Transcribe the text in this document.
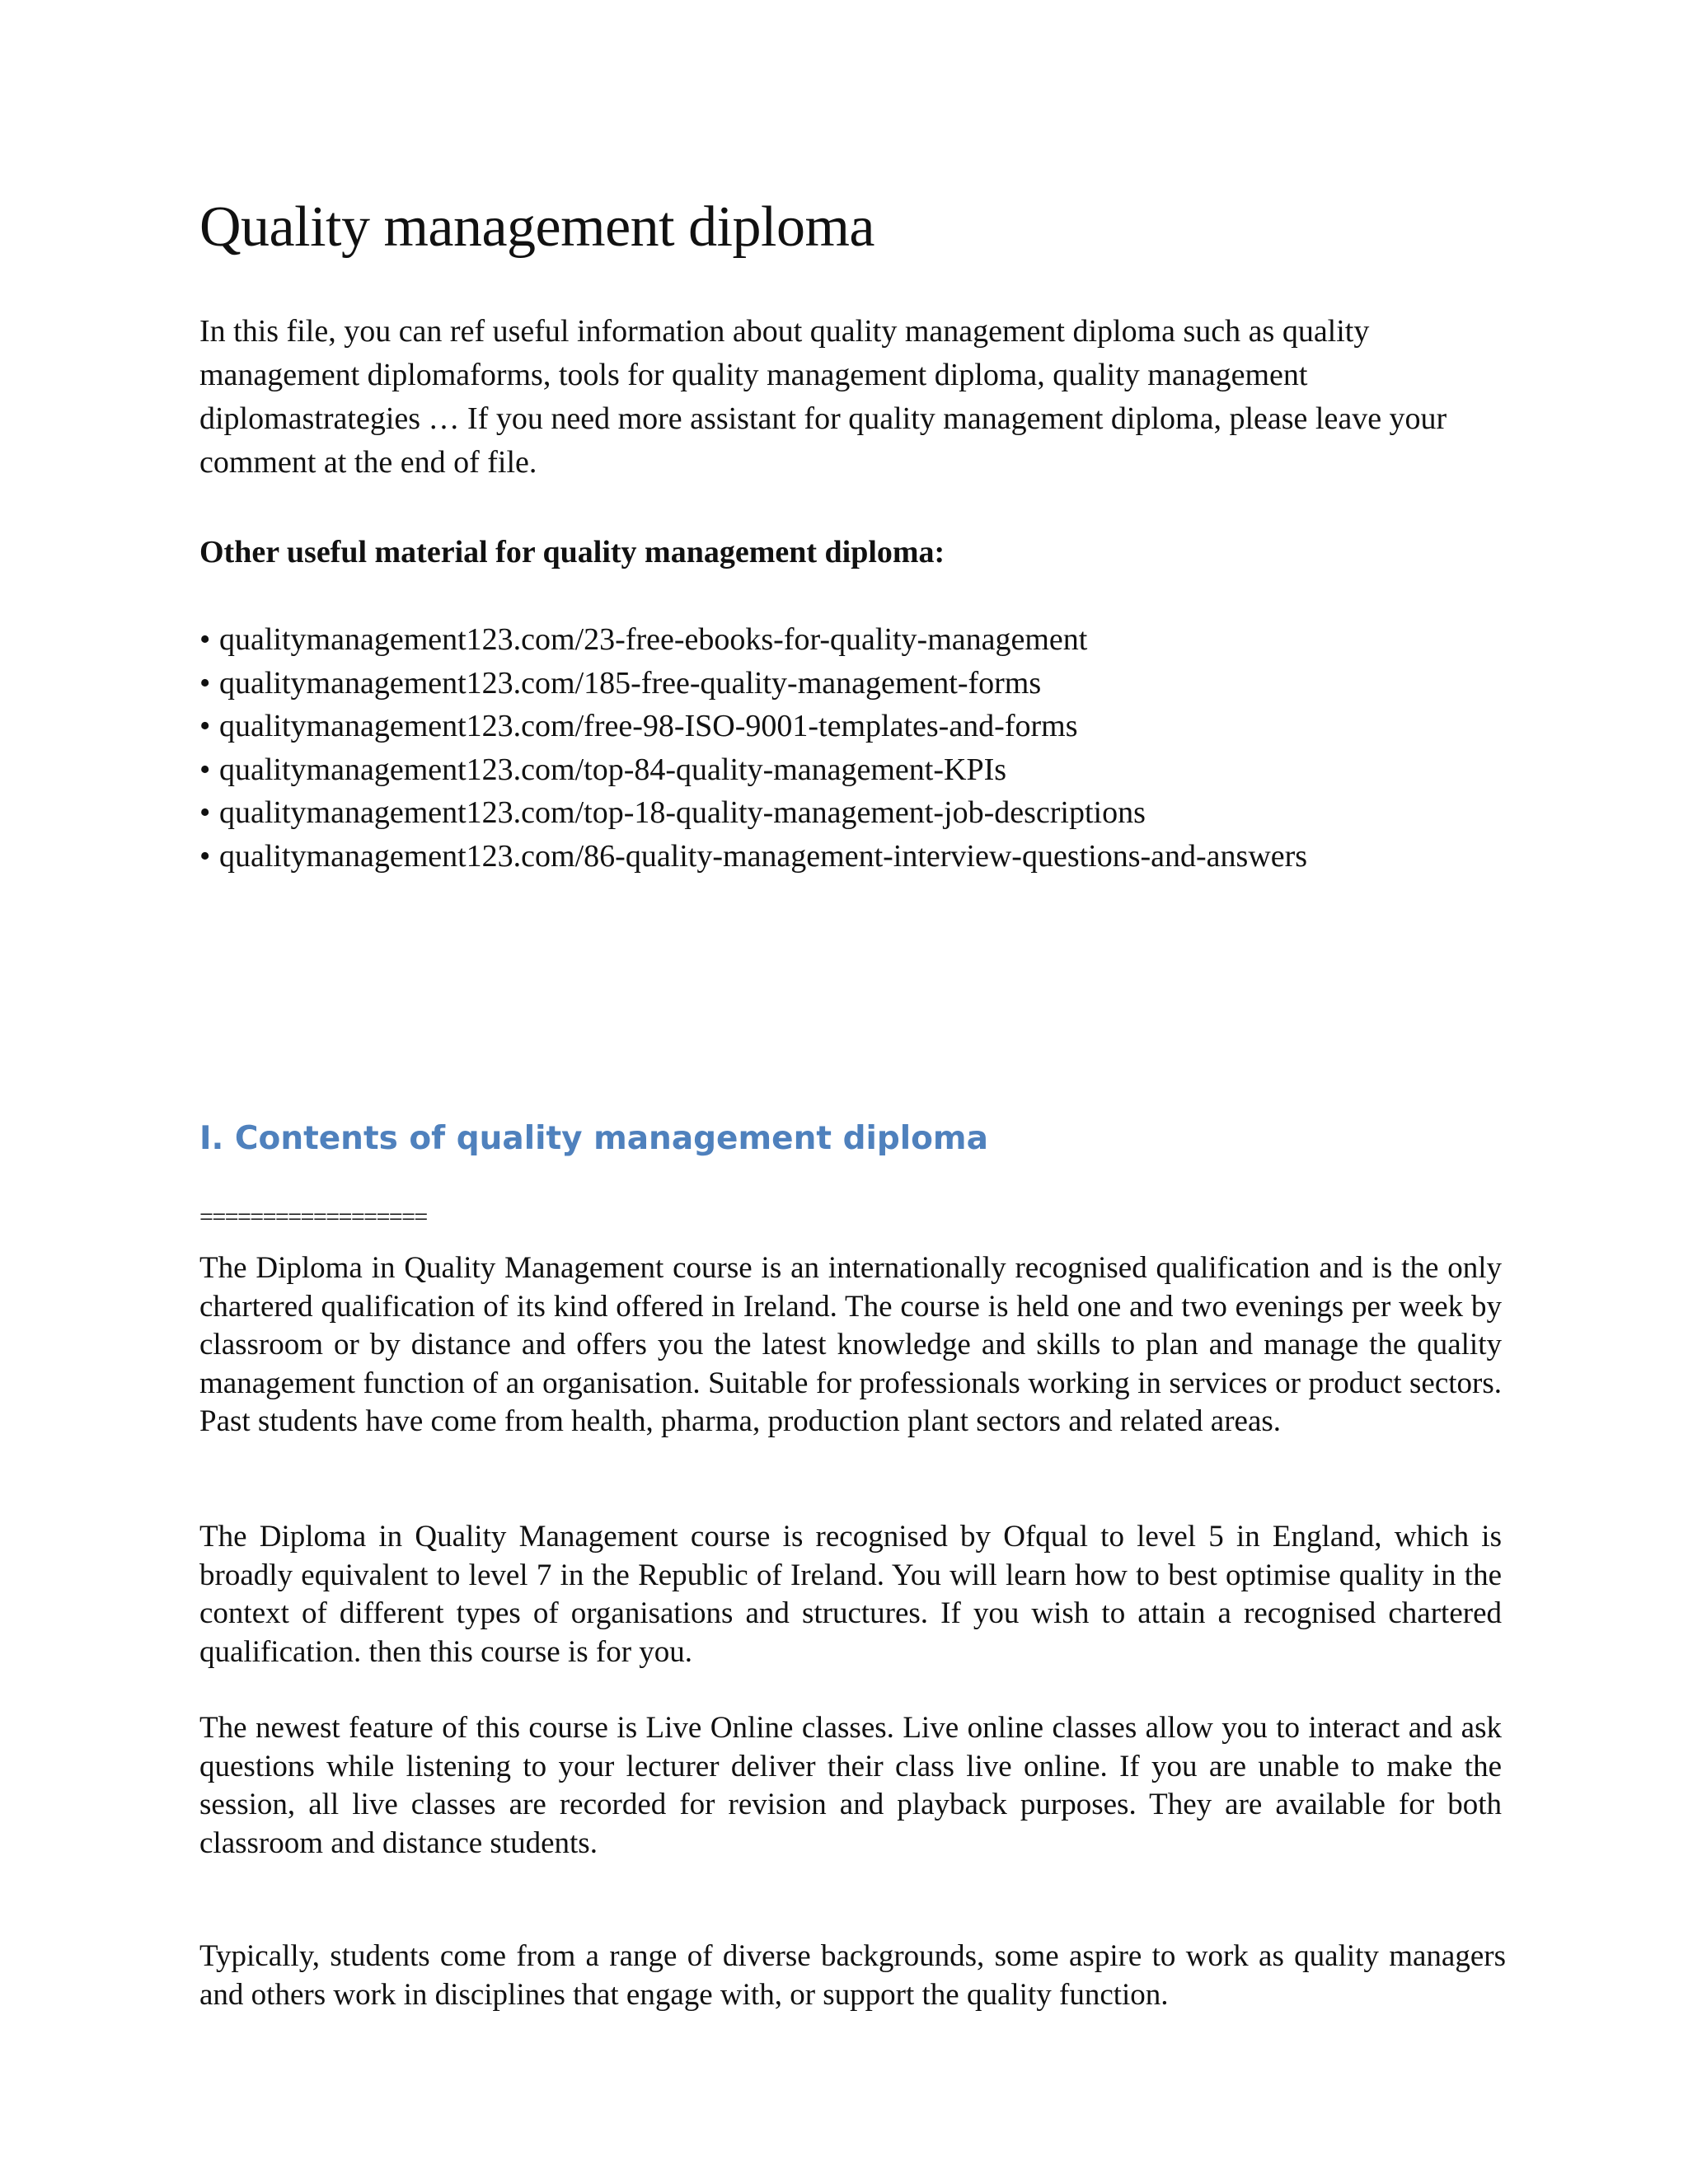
Quality management diploma

In this file, you can ref useful information about quality management diploma such as quality management diplomaforms, tools for quality management diploma, quality management diplomastrategies … If you need more assistant for quality management diploma, please leave your comment at the end of file.

Other useful material for quality management diploma:

• qualitymanagement123.com/23-free-ebooks-for-quality-management
• qualitymanagement123.com/185-free-quality-management-forms
• qualitymanagement123.com/free-98-ISO-9001-templates-and-forms
• qualitymanagement123.com/top-84-quality-management-KPIs
• qualitymanagement123.com/top-18-quality-management-job-descriptions
• qualitymanagement123.com/86-quality-management-interview-questions-and-answers
I. Contents of quality management diploma

==================

The Diploma in Quality Management course is an internationally recognised qualification and is the only chartered qualification of its kind offered in Ireland. The course is held one and two evenings per week by classroom or by distance and offers you the latest knowledge and skills to plan and manage the quality management function of an organisation. Suitable for professionals working in services or product sectors. Past students have come from health, pharma, production plant sectors and related areas.

The Diploma in Quality Management course is recognised by Ofqual to level 5 in England, which is broadly equivalent to level 7 in the Republic of Ireland. You will learn how to best optimise quality in the context of different types of organisations and structures. If you wish to attain a recognised chartered qualification. then this course is for you.

The newest feature of this course is Live Online classes. Live online classes allow you to interact and ask questions while listening to your lecturer deliver their class live online. If you are unable to make the session, all live classes are recorded for revision and playback purposes. They are available for both classroom and distance students.

Typically, students come from a range of diverse backgrounds, some aspire to work as quality managers and others work in disciplines that engage with, or support the quality function.
